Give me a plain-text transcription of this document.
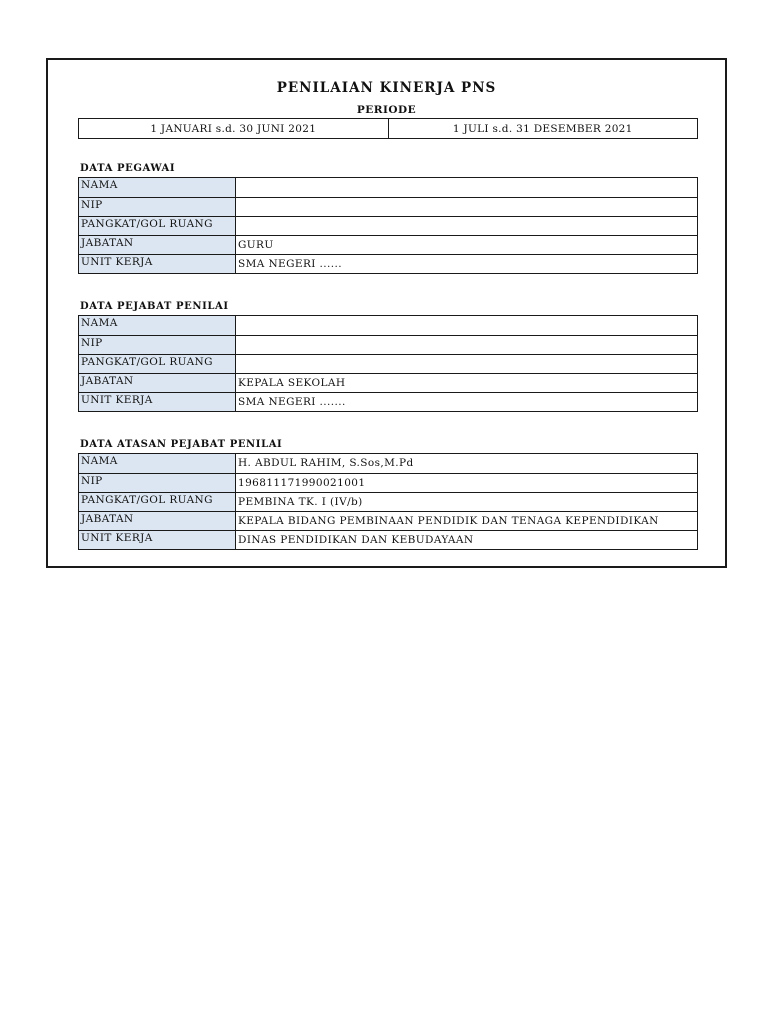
PENILAIAN KINERJA PNS
PERIODE
1 JANUARI s.d. 30 JUNI 2021	1 JULI s.d. 31 DESEMBER 2021
DATA PEGAWAI
NAMA
NIP
PANGKAT/GOL RUANG
JABATAN	GURU
UNIT KERJA	SMA NEGERI ......
DATA PEJABAT PENILAI
NAMA
NIP
PANGKAT/GOL RUANG
JABATAN	KEPALA SEKOLAH
UNIT KERJA	SMA NEGERI .......
DATA ATASAN PEJABAT PENILAI
NAMA	H. ABDUL RAHIM, S.Sos,M.Pd
NIP	196811171990021001
PANGKAT/GOL RUANG	PEMBINA TK. I (IV/b)
JABATAN	KEPALA BIDANG PEMBINAAN PENDIDIK DAN TENAGA KEPENDIDIKAN
UNIT KERJA	DINAS PENDIDIKAN DAN KEBUDAYAAN
